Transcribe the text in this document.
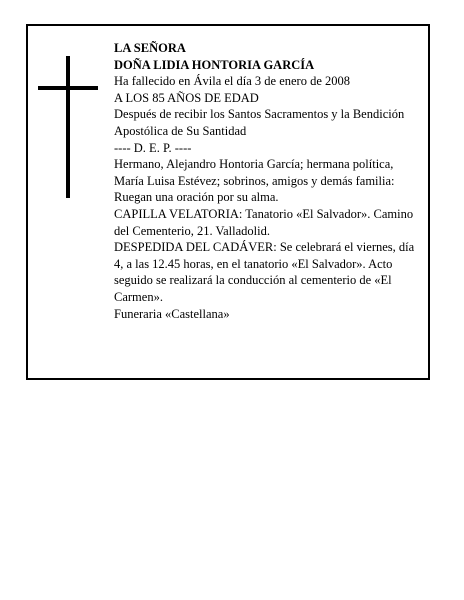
LA SEÑORA

DOÑA LIDIA HONTORIA GARCÍA

Ha fallecido en Ávila el día 3 de enero de 2008

A LOS 85 AÑOS DE EDAD

Después de recibir los Santos Sacramentos y la Bendición Apostólica de Su Santidad

---- D. E. P. ----

Hermano, Alejandro Hontoria García; hermana política, María Luisa Estévez; sobrinos, amigos y demás familia: Ruegan una oración por su alma.

CAPILLA VELATORIA: Tanatorio «El Salvador». Camino del Cementerio, 21. Valladolid.

DESPEDIDA DEL CADÁVER: Se celebrará el viernes, día 4, a las 12.45 horas, en el tanatorio «El Salvador». Acto seguido se realizará la conducción al cementerio de «El Carmen».

Funeraria «Castellana»
